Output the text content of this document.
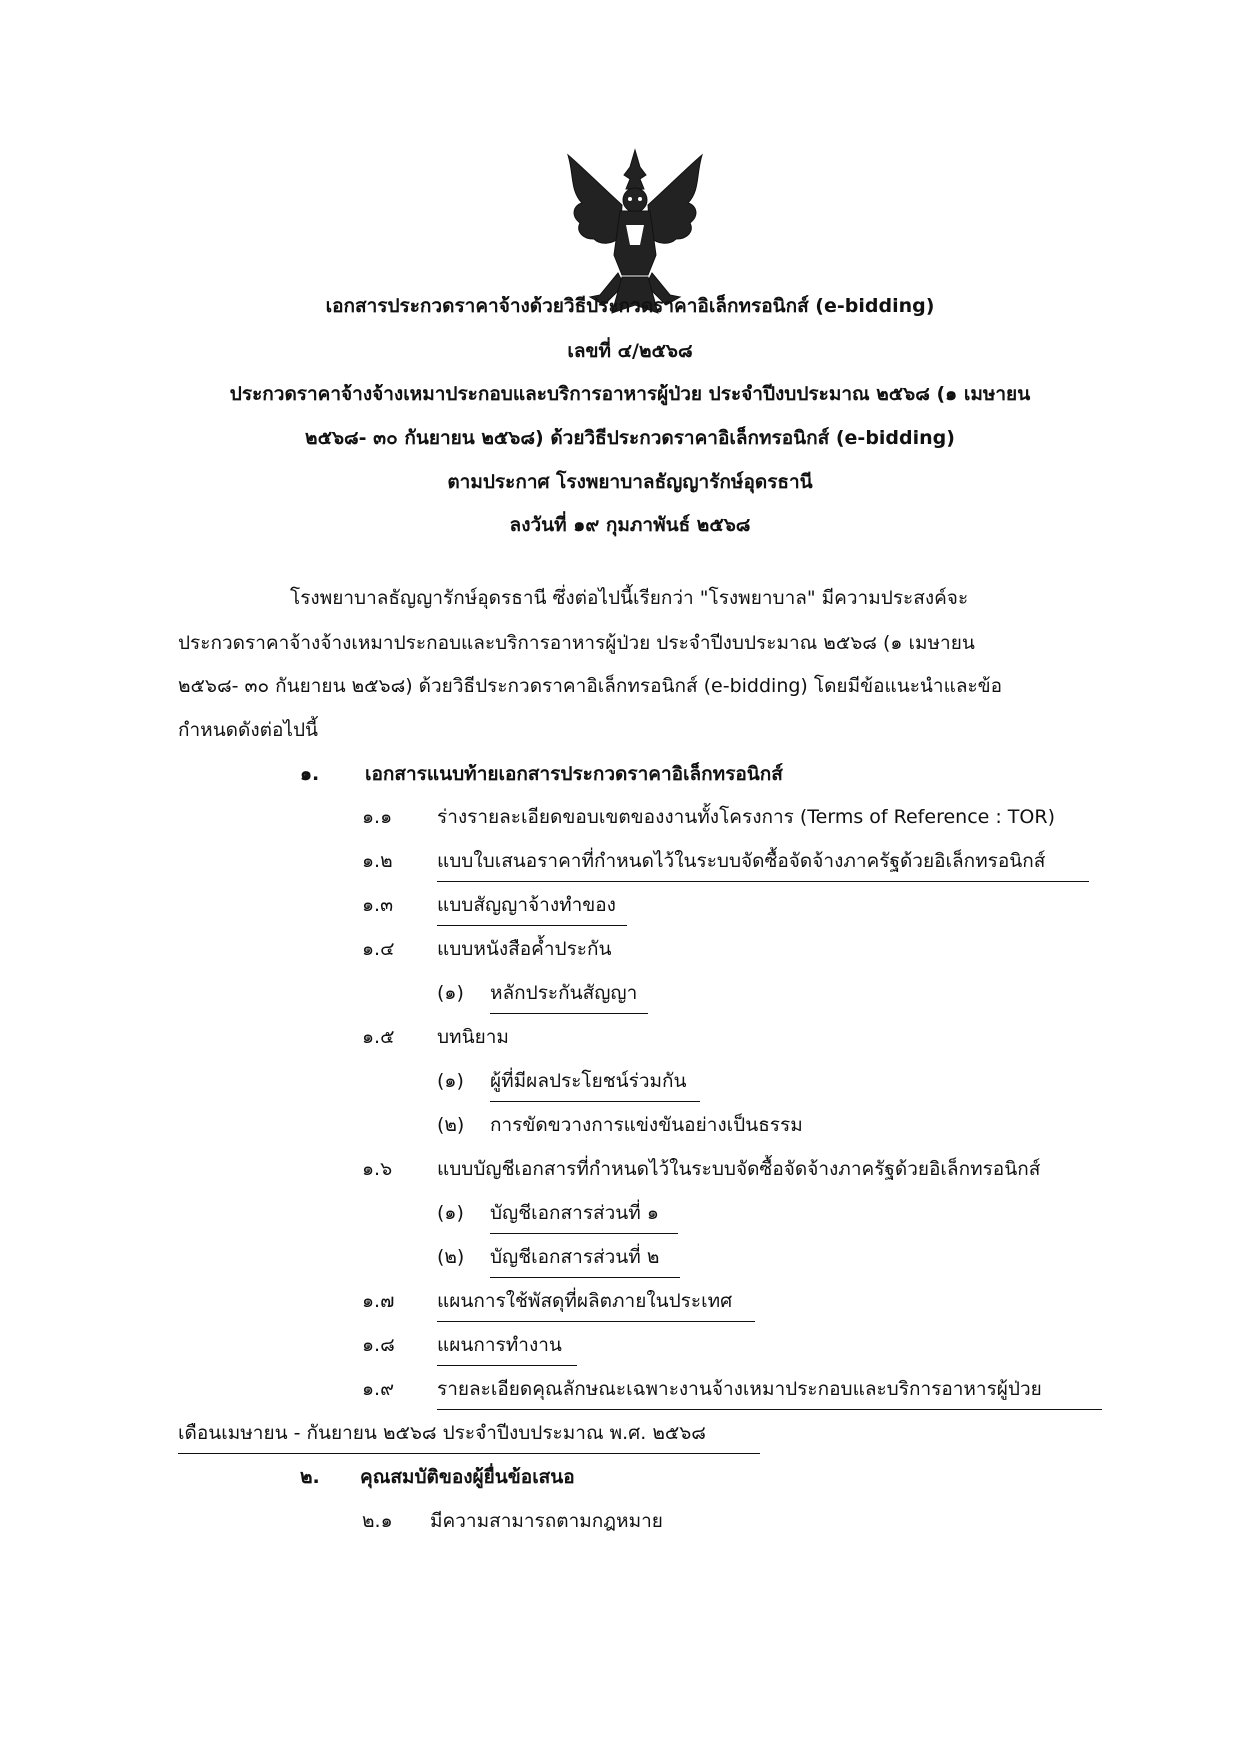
เอกสารประกวดราคาจ้างด้วยวิธีประกวดราคาอิเล็กทรอนิกส์ (e-bidding)
เลขที่ ๔/๒๕๖๘
ประกวดราคาจ้างจ้างเหมาประกอบและบริการอาหารผู้ป่วย ประจำปีงบประมาณ ๒๕๖๘ (๑ เมษายน
๒๕๖๘- ๓๐ กันยายน ๒๕๖๘) ด้วยวิธีประกวดราคาอิเล็กทรอนิกส์ (e-bidding)
ตามประกาศ โรงพยาบาลธัญญารักษ์อุดรธานี
ลงวันที่ ๑๙ กุมภาพันธ์ ๒๕๖๘
โรงพยาบาลธัญญารักษ์อุดรธานี ซึ่งต่อไปนี้เรียกว่า "โรงพยาบาล" มีความประสงค์จะ
ประกวดราคาจ้างจ้างเหมาประกอบและบริการอาหารผู้ป่วย ประจำปีงบประมาณ ๒๕๖๘ (๑ เมษายน
๒๕๖๘- ๓๐ กันยายน ๒๕๖๘) ด้วยวิธีประกวดราคาอิเล็กทรอนิกส์ (e-bidding) โดยมีข้อแนะนำและข้อ
กำหนดดังต่อไปนี้
๑. เอกสารแนบท้ายเอกสารประกวดราคาอิเล็กทรอนิกส์
๑.๑ ร่างรายละเอียดขอบเขตของงานทั้งโครงการ (Terms of Reference : TOR)
๑.๒ แบบใบเสนอราคาที่กำหนดไว้ในระบบจัดซื้อจัดจ้างภาครัฐด้วยอิเล็กทรอนิกส์
๑.๓ แบบสัญญาจ้างทำของ
๑.๔ แบบหนังสือค้ำประกัน
(๑) หลักประกันสัญญา
๑.๕ บทนิยาม
(๑) ผู้ที่มีผลประโยชน์ร่วมกัน
(๒) การขัดขวางการแข่งขันอย่างเป็นธรรม
๑.๖ แบบบัญชีเอกสารที่กำหนดไว้ในระบบจัดซื้อจัดจ้างภาครัฐด้วยอิเล็กทรอนิกส์
(๑) บัญชีเอกสารส่วนที่ ๑
(๒) บัญชีเอกสารส่วนที่ ๒
๑.๗ แผนการใช้พัสดุที่ผลิตภายในประเทศ
๑.๘ แผนการทำงาน
๑.๙ รายละเอียดคุณลักษณะเฉพาะงานจ้างเหมาประกอบและบริการอาหารผู้ป่วย
เดือนเมษายน - กันยายน ๒๕๖๘ ประจำปีงบประมาณ พ.ศ. ๒๕๖๘
๒. คุณสมบัติของผู้ยื่นข้อเสนอ
๒.๑ มีความสามารถตามกฎหมาย
